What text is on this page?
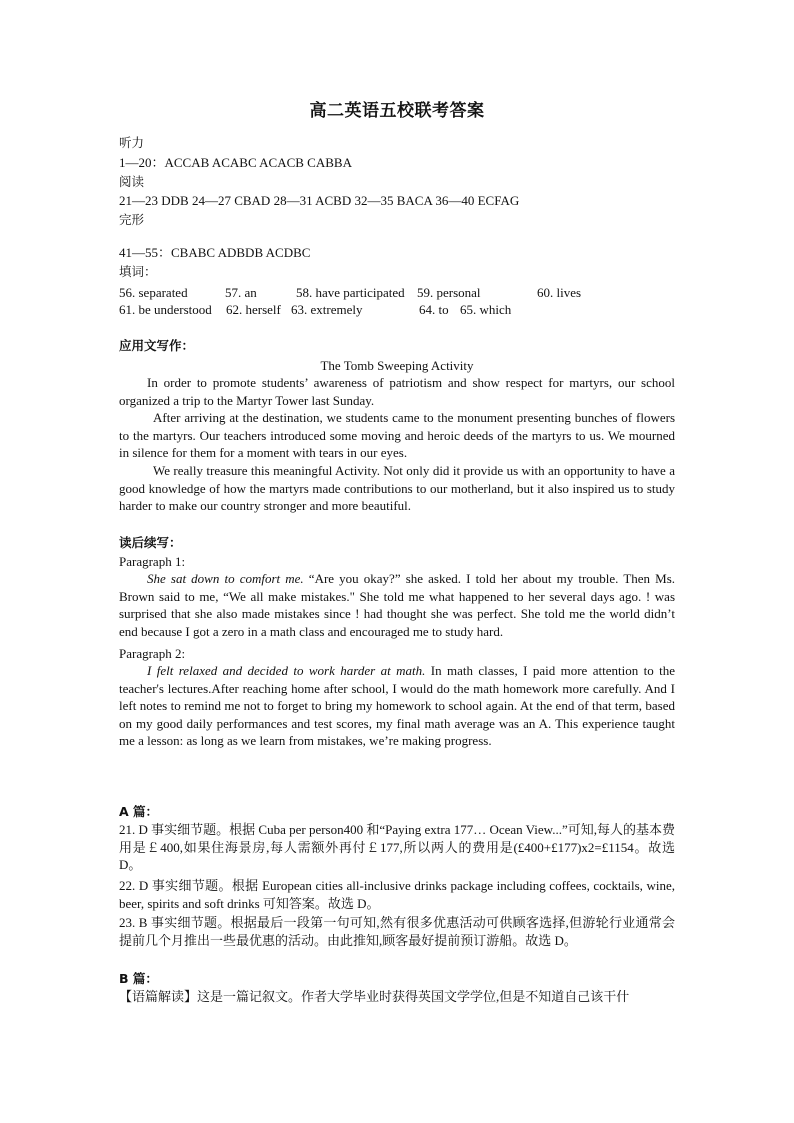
高二英语五校联考答案
听力
1—20：ACCAB ACABC ACACB CABBA
阅读
21—23 DDB 24—27 CBAD 28—31 ACBD 32—35 BACA 36—40 ECFAG
完形
41—55：CBABC ADBDB ACDBC
填词：
56. separated	57. an	58. have participated 59. personal	60. lives
61. be understood 62. herself 63. extremely	64. to 65. which
应用文写作：
The Tomb Sweeping Activity
In order to promote students’ awareness of patriotism and show respect for martyrs, our school organized a trip to the Martyr Tower last Sunday.
After arriving at the destination, we students came to the monument presenting bunches of flowers to the martyrs. Our teachers introduced some moving and heroic deeds of the martyrs to us. We mourned in silence for them for a moment with tears in our eyes.
We really treasure this meaningful Activity. Not only did it provide us with an opportunity to have a good knowledge of how the martyrs made contributions to our motherland, but it also inspired us to study harder to make our country stronger and more beautiful.
读后续写：
Paragraph 1:
She sat down to comfort me. “Are you okay?” she asked. I told her about my trouble. Then Ms. Brown said to me, “We all make mistakes." She told me what happened to her several days ago. ! was surprised that she also made mistakes since ! had thought she was perfect. She told me the world didn’t end because I got a zero in a math class and encouraged me to study hard.
Paragraph 2:
I felt relaxed and decided to work harder at math. In math classes, I paid more attention to the teacher's lectures.After reaching home after school, I would do the math homework more carefully. And I left notes to remind me not to forget to bring my homework to school again. At the end of that term, based on my good daily performances and test scores, my final math average was an A. This experience taught me a lesson: as long as we learn from mistakes, we’re making progress.
A 篇：
21. D 事实细节题。根据 Cuba per person400 和“Paying extra 177… Ocean View...”可知,每人的基本费用是￡400,如果住海景房,每人需额外再付￡177,所以两人的费用是(£400+£177)x2=£1154。故选 D。
22. D 事实细节题。根据 European cities all-inclusive drinks package including coffees, cocktails, wine, beer, spirits and soft drinks 可知答案。故选 D。
23. B 事实细节题。根据最后一段第一句可知,然有很多优惠活动可供顾客选择,但游轮行业通常会提前几个月推出一些最优惠的活动。由此推知,顾客最好提前预订游船。故选 D。
B 篇：
【语篇解读】这是一篇记叙文。作者大学毕业时获得英国文学学位,但是不知道自己该干什
